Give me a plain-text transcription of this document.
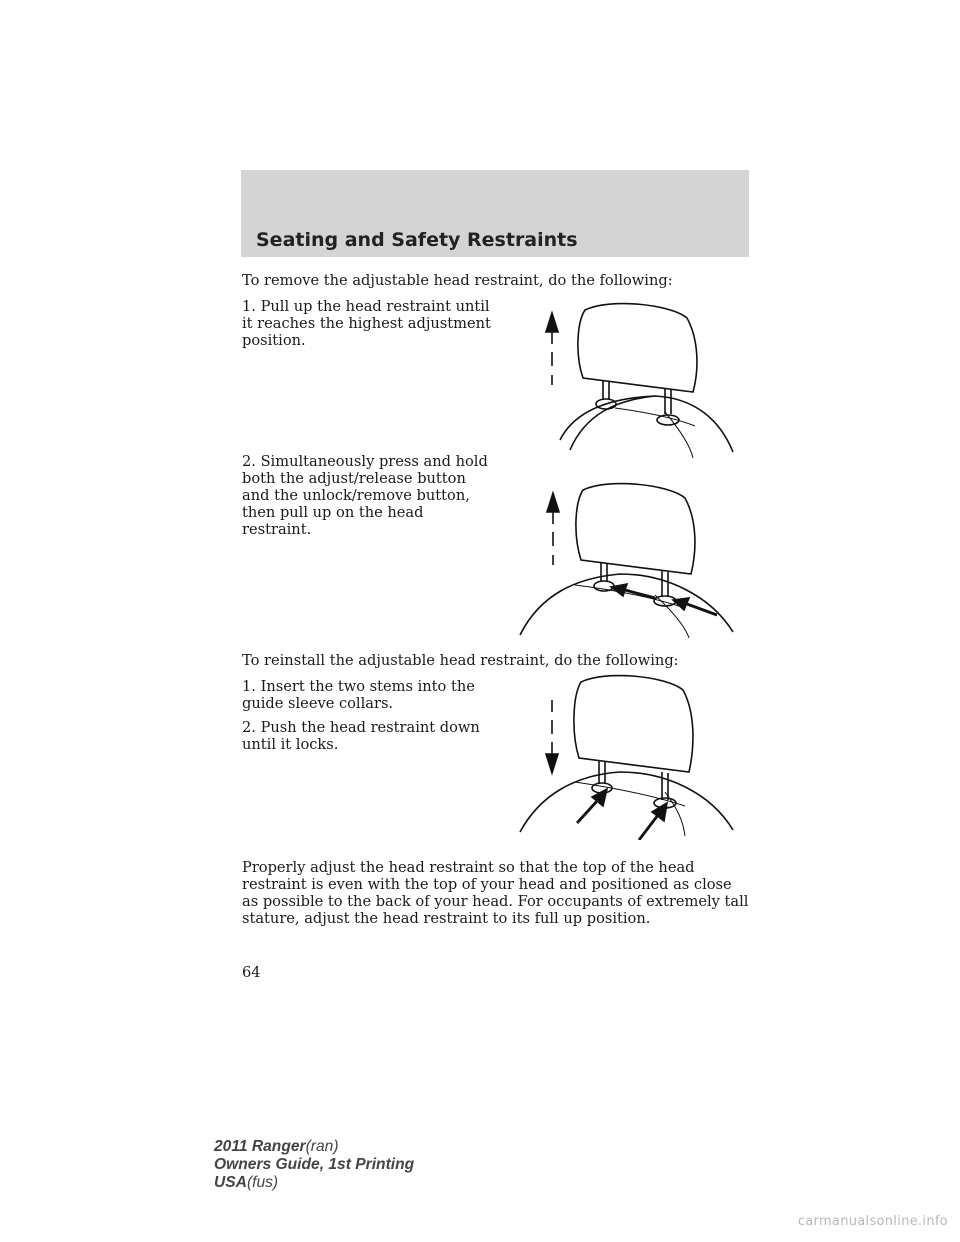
Seating and Safety Restraints
To remove the adjustable head restraint, do the following:
1. Pull up the head restraint until it reaches the highest adjustment position.
2. Simultaneously press and hold both the adjust/release button and the unlock/remove button, then pull up on the head restraint.
To reinstall the adjustable head restraint, do the following:
1. Insert the two stems into the guide sleeve collars.
2. Push the head restraint down until it locks.
Properly adjust the head restraint so that the top of the head restraint is even with the top of your head and positioned as close as possible to the back of your head. For occupants of extremely tall stature, adjust the head restraint to its full up position.
64
2011 Ranger(ran)
Owners Guide, 1st Printing
USA(fus)
carmanualsonline.info
